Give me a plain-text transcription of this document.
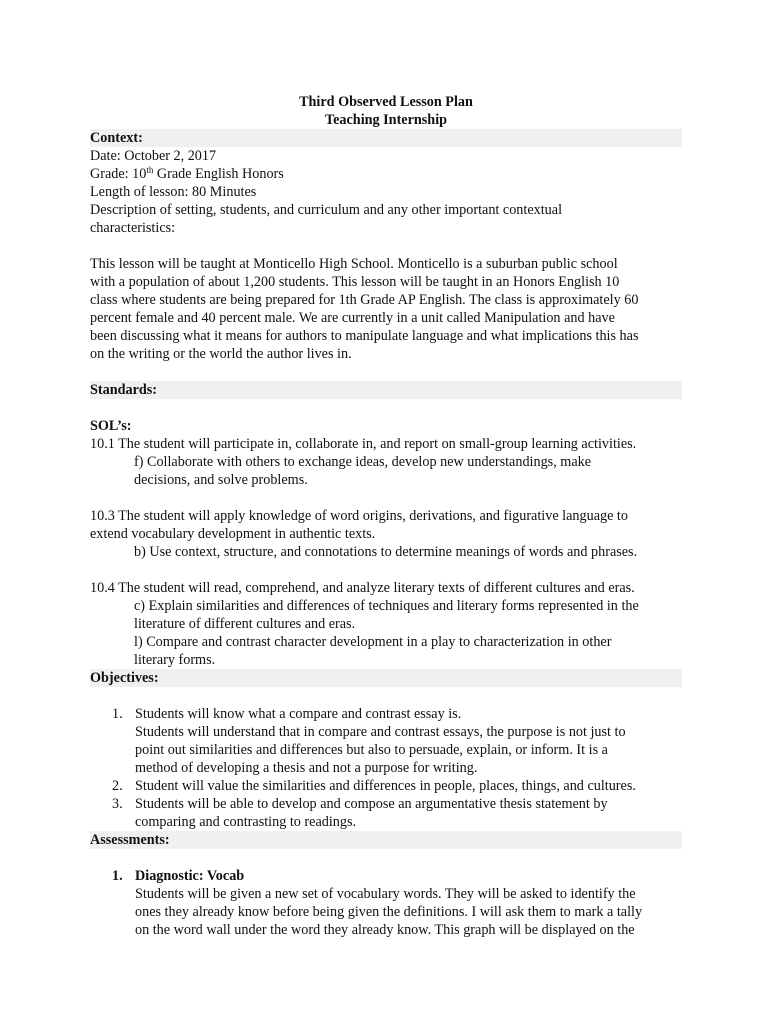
Third Observed Lesson Plan
Teaching Internship
Context:
Date: October 2, 2017
Grade: 10th Grade English Honors
Length of lesson: 80 Minutes
Description of setting, students, and curriculum and any other important contextual
characteristics:
This lesson will be taught at Monticello High School. Monticello is a suburban public school
with a population of about 1,200 students. This lesson will be taught in an Honors English 10
class where students are being prepared for 1th Grade AP English. The class is approximately 60
percent female and 40 percent male. We are currently in a unit called Manipulation and have
been discussing what it means for authors to manipulate language and what implications this has
on the writing or the world the author lives in.
Standards:
SOL’s:
10.1 The student will participate in, collaborate in, and report on small-group learning activities.
f) Collaborate with others to exchange ideas, develop new understandings, make
decisions, and solve problems.
10.3 The student will apply knowledge of word origins, derivations, and figurative language to
extend vocabulary development in authentic texts.
b) Use context, structure, and connotations to determine meanings of words and phrases.
10.4 The student will read, comprehend, and analyze literary texts of different cultures and eras.
c) Explain similarities and differences of techniques and literary forms represented in the
literature of different cultures and eras.
l) Compare and contrast character development in a play to characterization in other
literary forms.
Objectives:
1. Students will know what a compare and contrast essay is.
Students will understand that in compare and contrast essays, the purpose is not just to
point out similarities and differences but also to persuade, explain, or inform. It is a
method of developing a thesis and not a purpose for writing.
2. Student will value the similarities and differences in people, places, things, and cultures.
3. Students will be able to develop and compose an argumentative thesis statement by
comparing and contrasting to readings.
Assessments:
1. Diagnostic: Vocab
Students will be given a new set of vocabulary words. They will be asked to identify the
ones they already know before being given the definitions. I will ask them to mark a tally
on the word wall under the word they already know. This graph will be displayed on the
